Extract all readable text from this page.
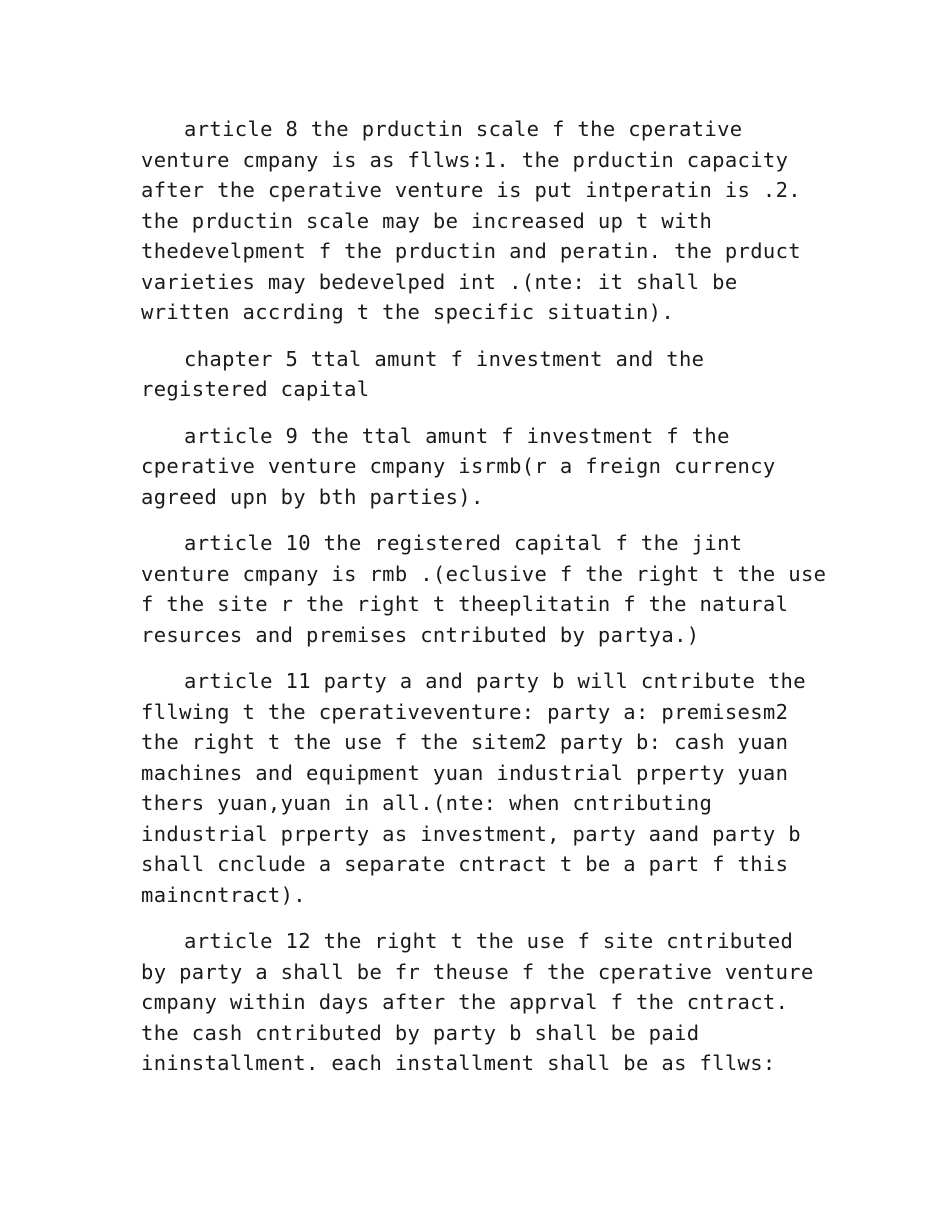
article 8 the prductin scale f the cperative
venture cmpany is as fllws:1. the prductin capacity
after the cperative venture is put intperatin is .2.
the prductin scale may be increased up t with
thedevelpment f the prductin and peratin. the prduct
varieties may bedevelped int .(nte: it shall be
written accrding t the specific situatin).

chapter 5 ttal amunt f investment and the
registered capital

article 9 the ttal amunt f investment f the
cperative venture cmpany isrmb(r a freign currency
agreed upn by bth parties).

article 10 the registered capital f the jint
venture cmpany is rmb .(eclusive f the right t the use
f the site r the right t theeplitatin f the natural
resurces and premises cntributed by partya.)

article 11 party a and party b will cntribute the
fllwing t the cperativeventure: party a: premisesm2
the right t the use f the sitem2 party b: cash yuan
machines and equipment yuan industrial prperty yuan
thers yuan,yuan in all.(nte: when cntributing
industrial prperty as investment, party aand party b
shall cnclude a separate cntract t be a part f this
maincntract).

article 12 the right t the use f site cntributed
by party a shall be fr theuse f the cperative venture
cmpany within days after the apprval f the cntract.
the cash cntributed by party b shall be paid
ininstallment. each installment shall be as fllws:
